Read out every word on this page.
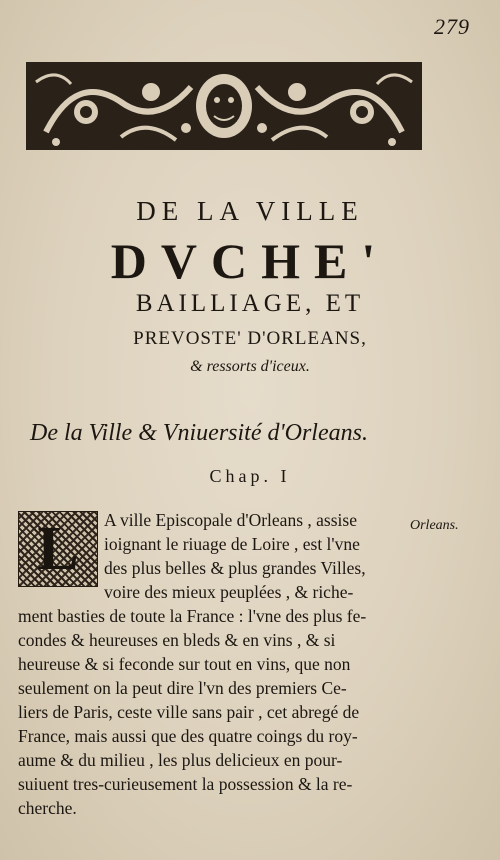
279
DE LA VILLE
DVCHE'
BAILLIAGE, ET
PREVOSTE' D'ORLEANS,
& ressorts d'iceux.
De la Ville & Vniuersité d'Orleans.
Chap. I
L	Orleans.
A ville Episcopale d'Orleans , assise
ioignant le riuage de Loire , est l'vne
des plus belles & plus grandes Villes,
voire des mieux peuplées , & riche-
ment basties de toute la France : l'vne des plus fe-
condes & heureuses en bleds & en vins , & si
heureuse & si feconde sur tout en vins, que non
seulement on la peut dire l'vn des premiers Ce-
liers de Paris, ceste ville sans pair , cet abregé de
France, mais aussi que des quatre coings du roy-
aume & du milieu , les plus delicieux en pour-
suiuent tres-curieusement la possession & la re-
cherche.
